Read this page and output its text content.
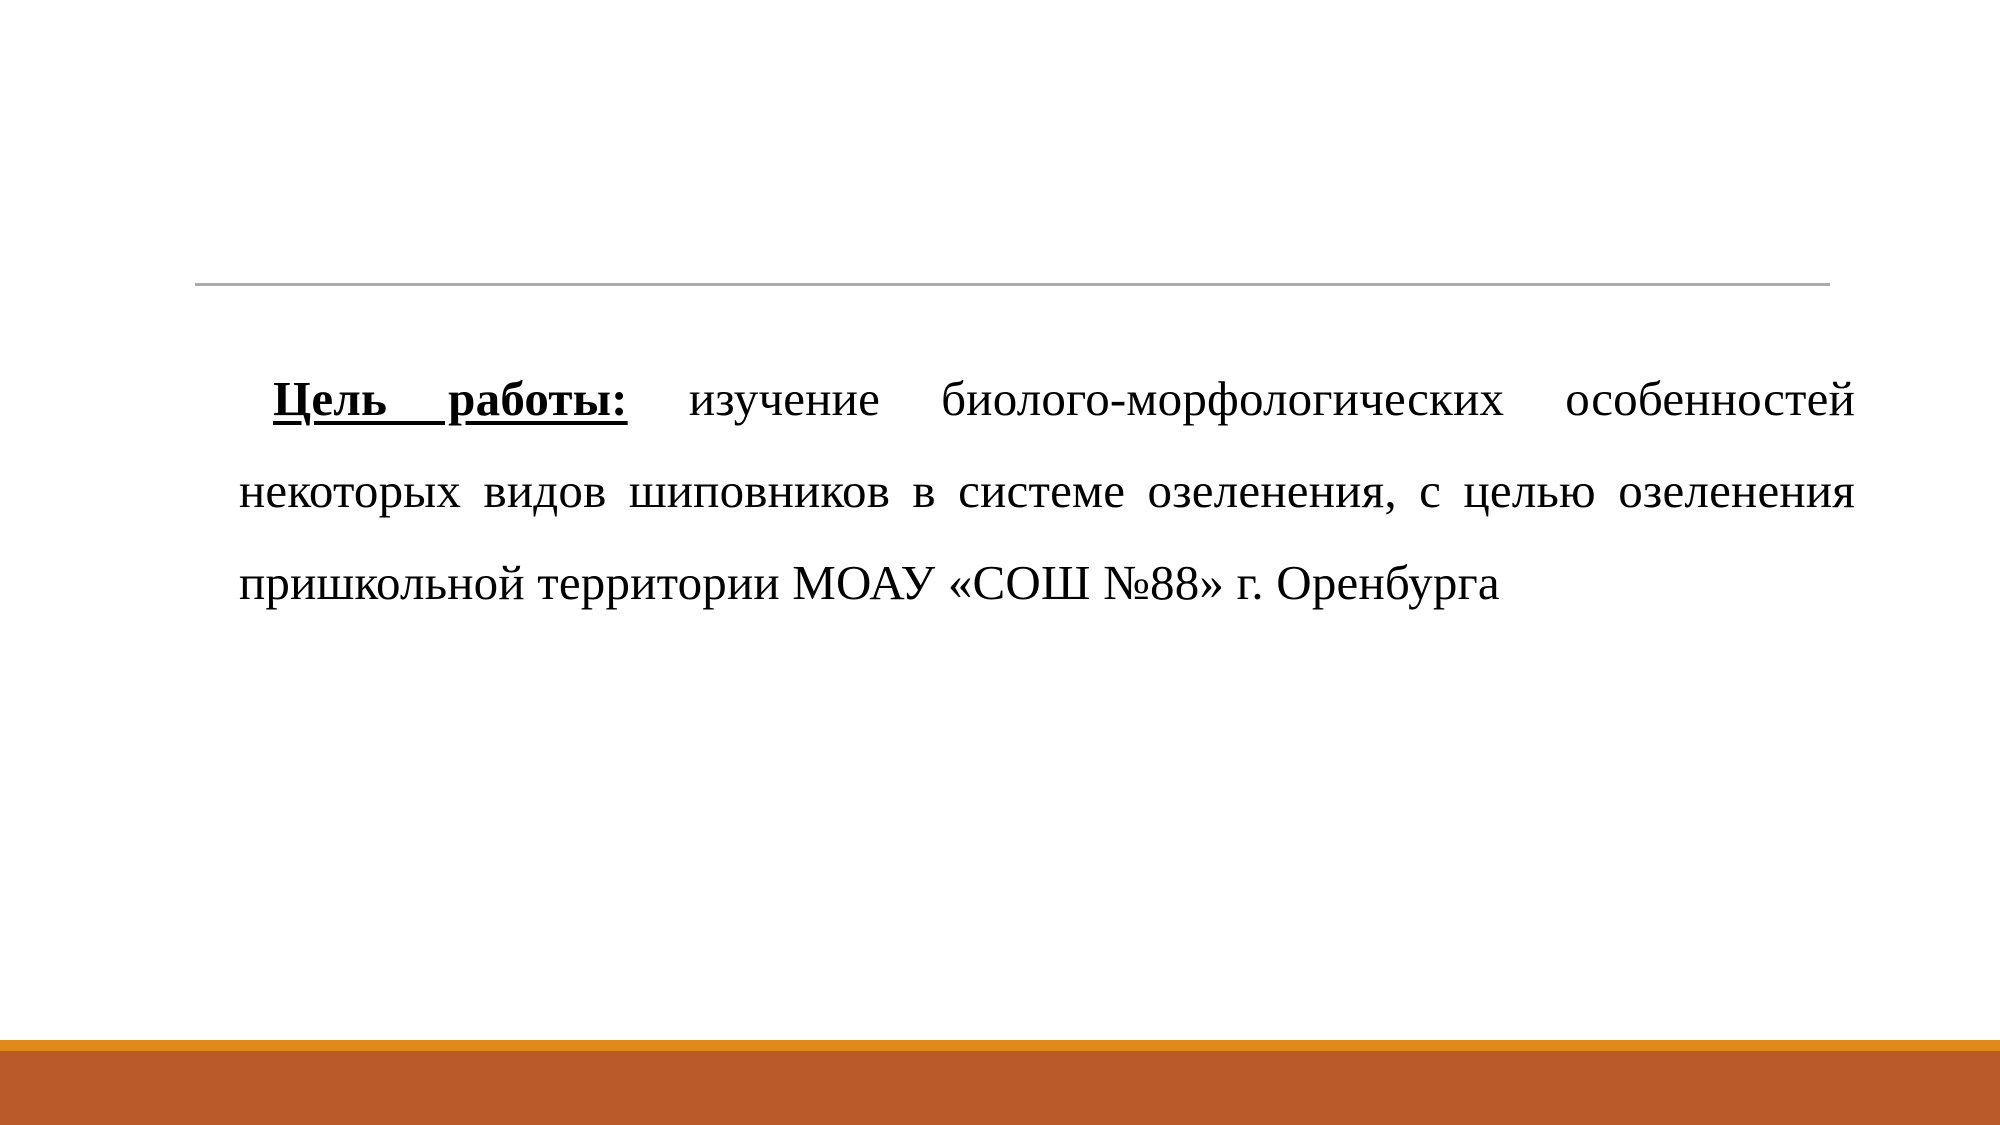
Цель работы: изучение биолого-морфологических особенностей
некоторых видов шиповников в системе озеленения, с целью озеленения
пришкольной территории МОАУ «СОШ №88» г. Оренбурга
